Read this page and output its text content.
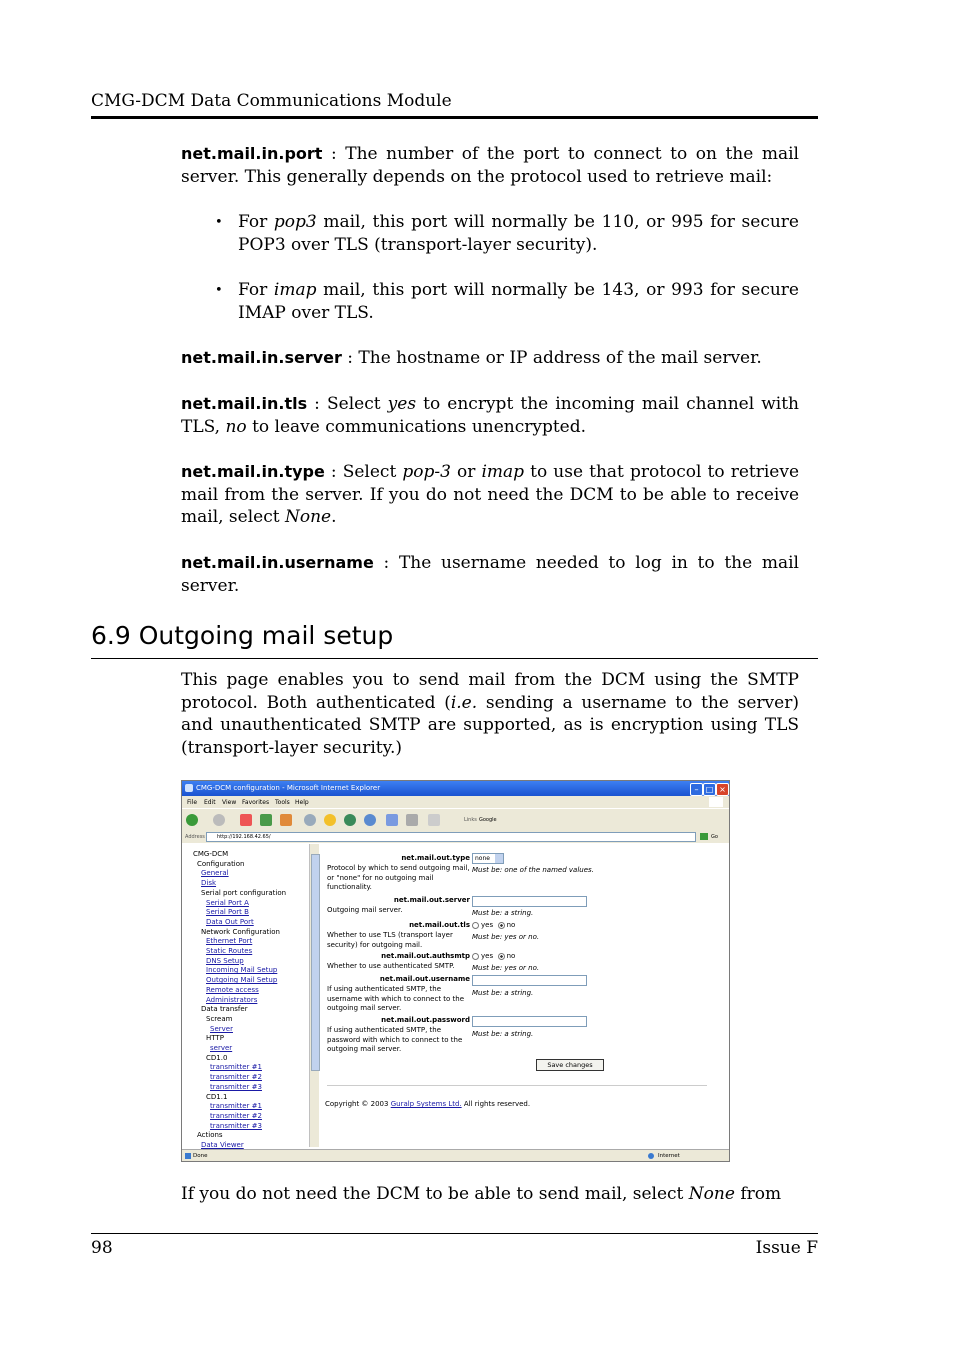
CMG-DCM Data Communications Module
net.mail.in.port : The number of the port to connect to on the mail server. This generally depends on the protocol used to retrieve mail:
• For pop3 mail, this port will normally be 110, or 995 for secure POP3 over TLS (transport-layer security).
• For imap mail, this port will normally be 143, or 993 for secure IMAP over TLS.
net.mail.in.server : The hostname or IP address of the mail server.
net.mail.in.tls : Select yes to encrypt the incoming mail channel with TLS, no to leave communications unencrypted.
net.mail.in.type : Select pop-3 or imap to use that protocol to retrieve mail from the server. If you do not need the DCM to be able to receive mail, select None.
net.mail.in.username : The username needed to log in to the mail server.
6.9 Outgoing mail setup
This page enables you to send mail from the DCM using the SMTP protocol. Both authenticated (i.e. sending a username to the server) and unauthenticated SMTP are supported, as is encryption using TLS (transport-layer security.)
CMG-DCM configuration - Microsoft Internet Explorer	– □ ×
File Edit View Favorites Tools Help
Links Google
Address	http://192.168.42.65/	Go
CMG-DCM
Configuration
General
Disk
Serial port configuration
Serial Port A
Serial Port B
Data Out Port
Network Configuration
Ethernet Port
Static Routes
DNS Setup
Incoming Mail Setup
Outgoing Mail Setup
Remote access
Administrators
Data transfer
Scream
Server
HTTP
server
CD1.0
transmitter #1
transmitter #2
transmitter #3
CD1.1
transmitter #1
transmitter #2
transmitter #3
Actions
Data Viewer
net.mail.out.type none
Protocol by which to send outgoing mail, or "none" for no outgoing mail functionality.
Must be: one of the named values.
net.mail.out.server
Outgoing mail server.	Must be: a string.
net.mail.out.tls	yes no
Whether to use TLS (transport layer security) for outgoing mail.
Must be: yes or no.
net.mail.out.authsmtp	yes no
Whether to use authenticated SMTP.	Must be: yes or no.
net.mail.out.username
If using authenticated SMTP, the username with which to connect to the outgoing mail server.
Must be: a string.
net.mail.out.password
If using authenticated SMTP, the password with which to connect to the outgoing mail server.
Must be: a string.
Save changes
Copyright © 2003 Guralp Systems Ltd. All rights reserved.
Done	Internet
If you do not need the DCM to be able to send mail, select None from
98	Issue F
